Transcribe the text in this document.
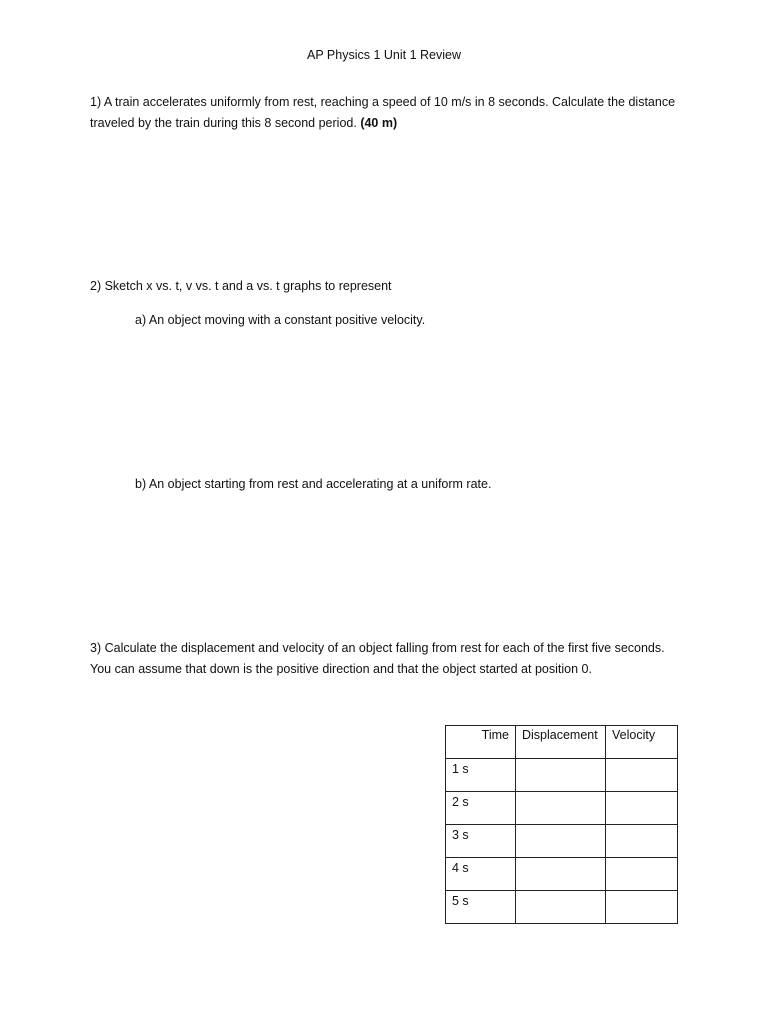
AP Physics 1 Unit 1 Review
1) A train accelerates uniformly from rest, reaching a speed of 10 m/s in 8 seconds. Calculate the distance traveled by the train during this 8 second period. (40 m)
2) Sketch x vs. t, v vs. t and a vs. t graphs to represent
a) An object moving with a constant positive velocity.
b) An object starting from rest and accelerating at a uniform rate.
3) Calculate the displacement and velocity of an object falling from rest for each of the first five seconds. You can assume that down is the positive direction and that the object started at position 0.
Time	Displacement	Velocity
1 s		
2 s		
3 s		
4 s		
5 s		
